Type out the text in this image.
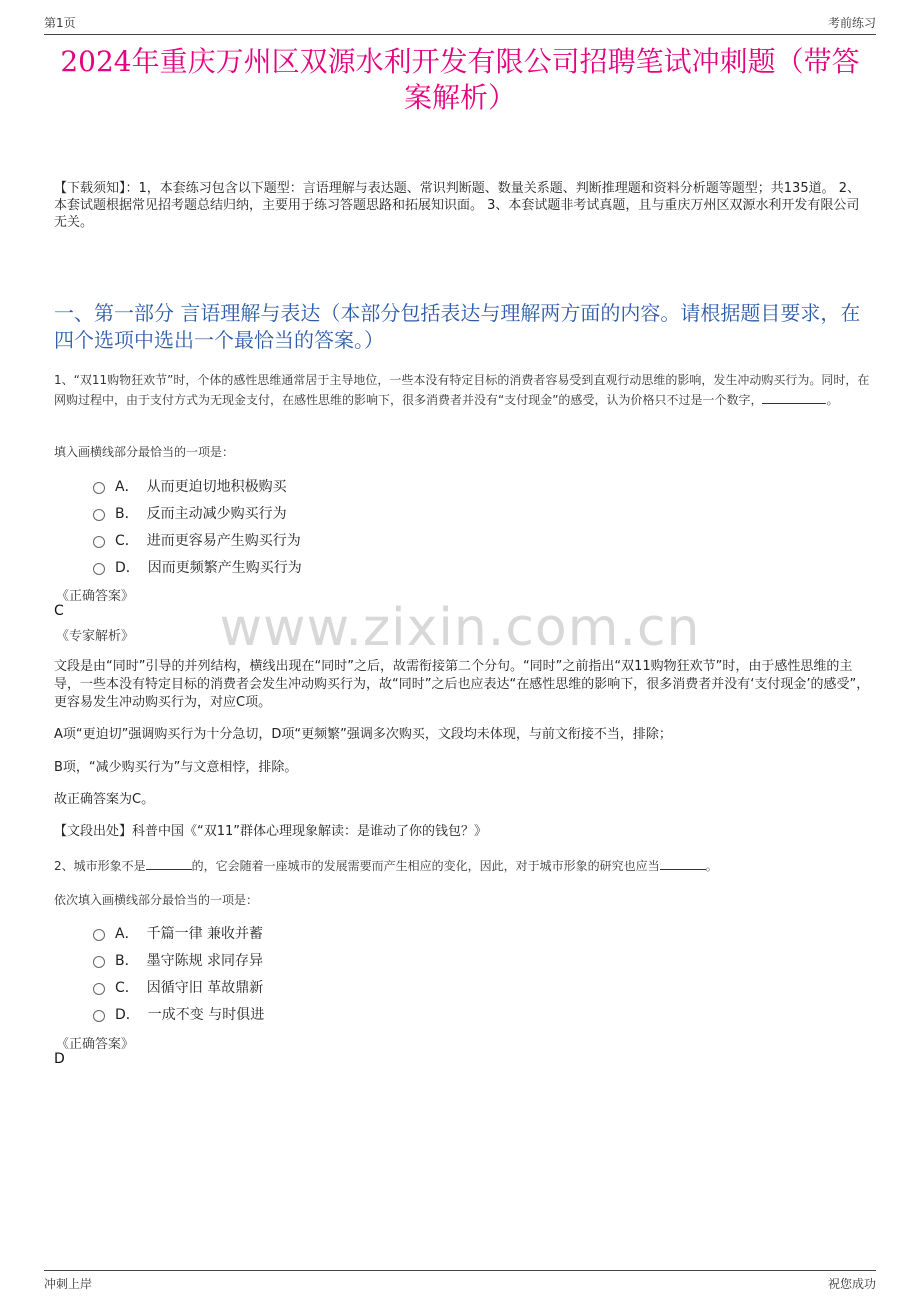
第1页	考前练习
www.zixin.com.cn
2024年重庆万州区双源水利开发有限公司招聘笔试冲刺题（带答案解析）
【下载须知】：1，本套练习包含以下题型：言语理解与表达题、常识判断题、数量关系题、判断推理题和资料分析题等题型；共135道。 2、本套试题根据常见招考题总结归纳，主要用于练习答题思路和拓展知识面。 3、本套试题非考试真题，且与重庆万州区双源水利开发有限公司无关。
一、第一部分 言语理解与表达（本部分包括表达与理解两方面的内容。请根据题目要求，在四个选项中选出一个最恰当的答案。）
1、“双11购物狂欢节”时，个体的感性思维通常居于主导地位，一些本没有特定目标的消费者容易受到直观行动思维的影响，发生冲动购买行为。同时，在网购过程中，由于支付方式为无现金支付，在感性思维的影响下，很多消费者并没有“支付现金”的感受，认为价格只不过是一个数字，	。
填入画横线部分最恰当的一项是：
A． 从而更迫切地积极购买
B． 反而主动减少购买行为
C． 进而更容易产生购买行为
D． 因而更频繁产生购买行为
《正确答案》
C
《专家解析》
文段是由“同时”引导的并列结构，横线出现在“同时”之后，故需衔接第二个分句。“同时”之前指出“双11购物狂欢节”时，由于感性思维的主导，一些本没有特定目标的消费者会发生冲动购买行为，故“同时”之后也应表达“在感性思维的影响下，很多消费者并没有‘支付现金’的感受”，更容易发生冲动购买行为，对应C项。
A项“更迫切”强调购买行为十分急切，D项“更频繁”强调多次购买，文段均未体现，与前文衔接不当，排除；
B项，“减少购买行为”与文意相悖，排除。
故正确答案为C。
【文段出处】科普中国《“双11”群体心理现象解读：是谁动了你的钱包？》
2、城市形象不是	的，它会随着一座城市的发展需要而产生相应的变化，因此，对于城市形象的研究也应当	。
依次填入画横线部分最恰当的一项是：
A． 千篇一律 兼收并蓄
B． 墨守陈规 求同存异
C． 因循守旧 革故鼎新
D． 一成不变 与时俱进
《正确答案》
D
冲刺上岸	祝您成功
